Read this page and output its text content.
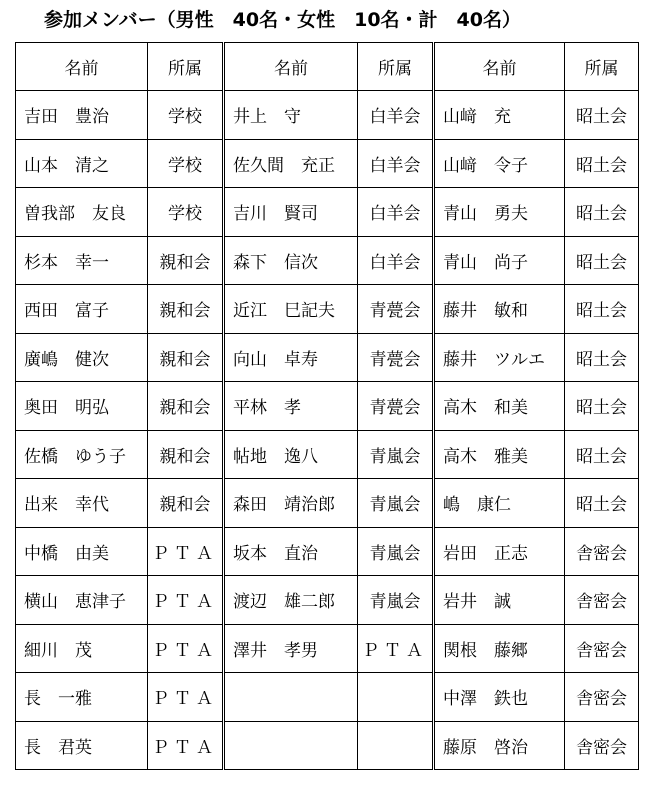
参加メンバー（男性　40名・女性　10名・計　40名）
名前	所属	名前	所属	名前	所属
吉田　豊治	学校	井上　守	白羊会	山﨑　充	昭土会
山本　清之	学校	佐久間　充正	白羊会	山﨑　令子	昭土会
曽我部　友良	学校	吉川　賢司	白羊会	青山　勇夫	昭土会
杉本　幸一	親和会	森下　信次	白羊会	青山　尚子	昭土会
西田　富子	親和会	近江　巳記夫	青甍会	藤井　敏和	昭土会
廣嶋　健次	親和会	向山　卓寿	青甍会	藤井　ツルエ	昭土会
奥田　明弘	親和会	平林　孝	青甍会	高木　和美	昭土会
佐橋　ゆう子	親和会	帖地　逸八	青嵐会	高木　雅美	昭土会
出来　幸代	親和会	森田　靖治郎	青嵐会	嶋　康仁	昭土会
中橋　由美	ＰＴＡ	坂本　直治	青嵐会	岩田　正志	舎密会
横山　恵津子	ＰＴＡ	渡辺　雄二郎	青嵐会	岩井　誠	舎密会
細川　茂	ＰＴＡ	澤井　孝男	ＰＴＡ	関根　藤郷	舎密会
長　一雅	ＰＴＡ			中澤　鉄也	舎密会
長　君英	ＰＴＡ			藤原　啓治	舎密会
